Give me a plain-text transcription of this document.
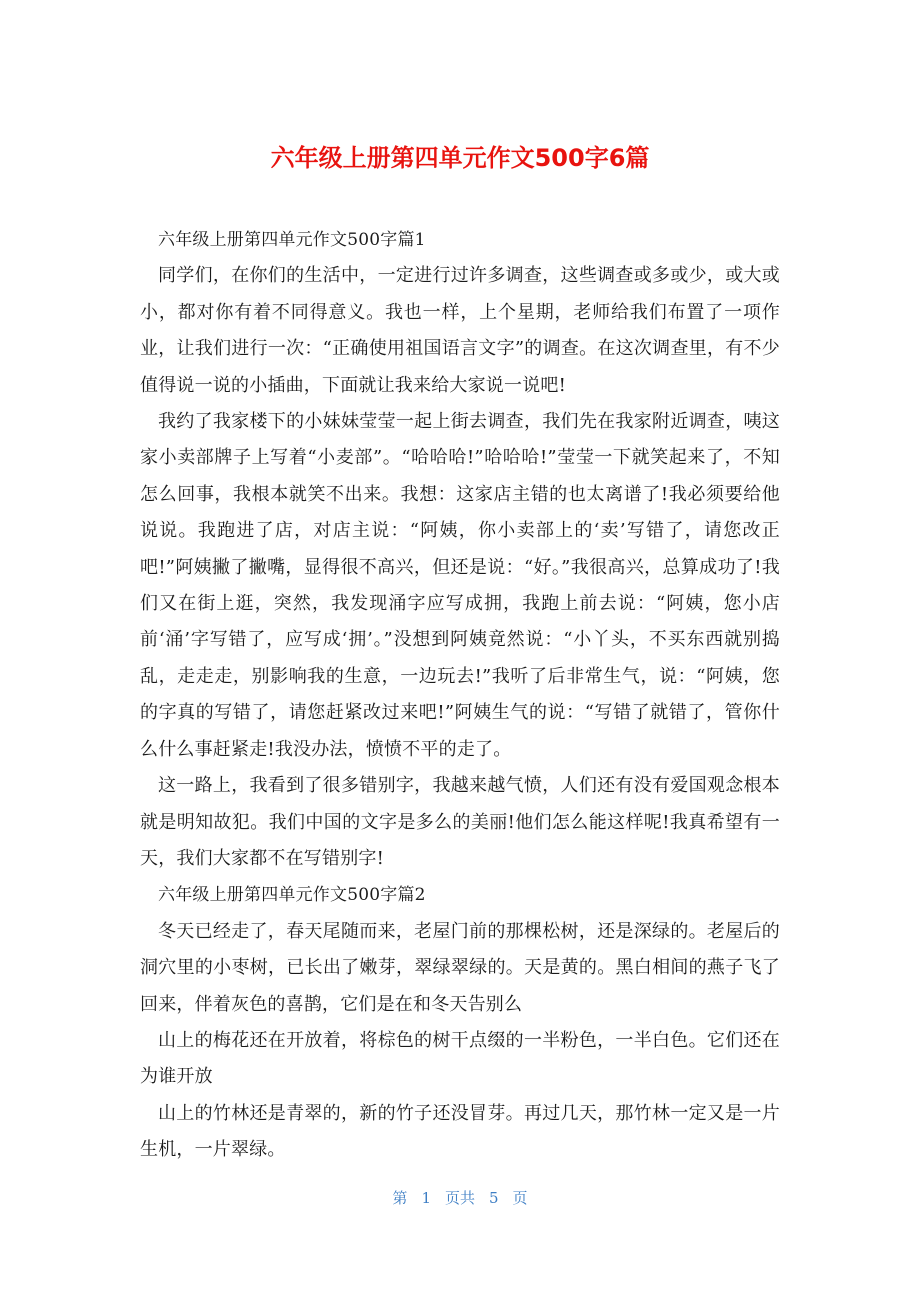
六年级上册第四单元作文500字6篇

六年级上册第四单元作文500字篇1

同学们，在你们的生活中，一定进行过许多调查，这些调查或多或少，或大或小，都对你有着不同得意义。我也一样，上个星期，老师给我们布置了一项作业，让我们进行一次：“正确使用祖国语言文字”的调查。在这次调查里，有不少值得说一说的小插曲，下面就让我来给大家说一说吧!

我约了我家楼下的小妹妹莹莹一起上街去调查，我们先在我家附近调查，咦这家小卖部牌子上写着“小麦部”。“哈哈哈!”哈哈哈!”莹莹一下就笑起来了，不知怎么回事，我根本就笑不出来。我想：这家店主错的也太离谱了!我必须要给他说说。我跑进了店，对店主说：“阿姨，你小卖部上的‘卖’写错了，请您改正吧!”阿姨撇了撇嘴，显得很不高兴，但还是说：“好。”我很高兴，总算成功了!我们又在街上逛，突然，我发现涌字应写成拥，我跑上前去说：“阿姨，您小店前‘涌’字写错了，应写成‘拥’。”没想到阿姨竟然说：“小丫头，不买东西就别捣乱，走走走，别影响我的生意，一边玩去!”我听了后非常生气，说：“阿姨，您的字真的写错了，请您赶紧改过来吧!”阿姨生气的说：“写错了就错了，管你什么什么事赶紧走!我没办法，愤愤不平的走了。

这一路上，我看到了很多错别字，我越来越气愤，人们还有没有爱国观念根本就是明知故犯。我们中国的文字是多么的美丽!他们怎么能这样呢!我真希望有一天，我们大家都不在写错别字!

六年级上册第四单元作文500字篇2

冬天已经走了，春天尾随而来，老屋门前的那棵松树，还是深绿的。老屋后的洞穴里的小枣树，已长出了嫩芽，翠绿翠绿的。天是黄的。黑白相间的燕子飞了回来，伴着灰色的喜鹊，它们是在和冬天告别么

山上的梅花还在开放着，将棕色的树干点缀的一半粉色，一半白色。它们还在为谁开放

山上的竹林还是青翠的，新的竹子还没冒芽。再过几天，那竹林一定又是一片生机，一片翠绿。

第 1 页共 5 页
